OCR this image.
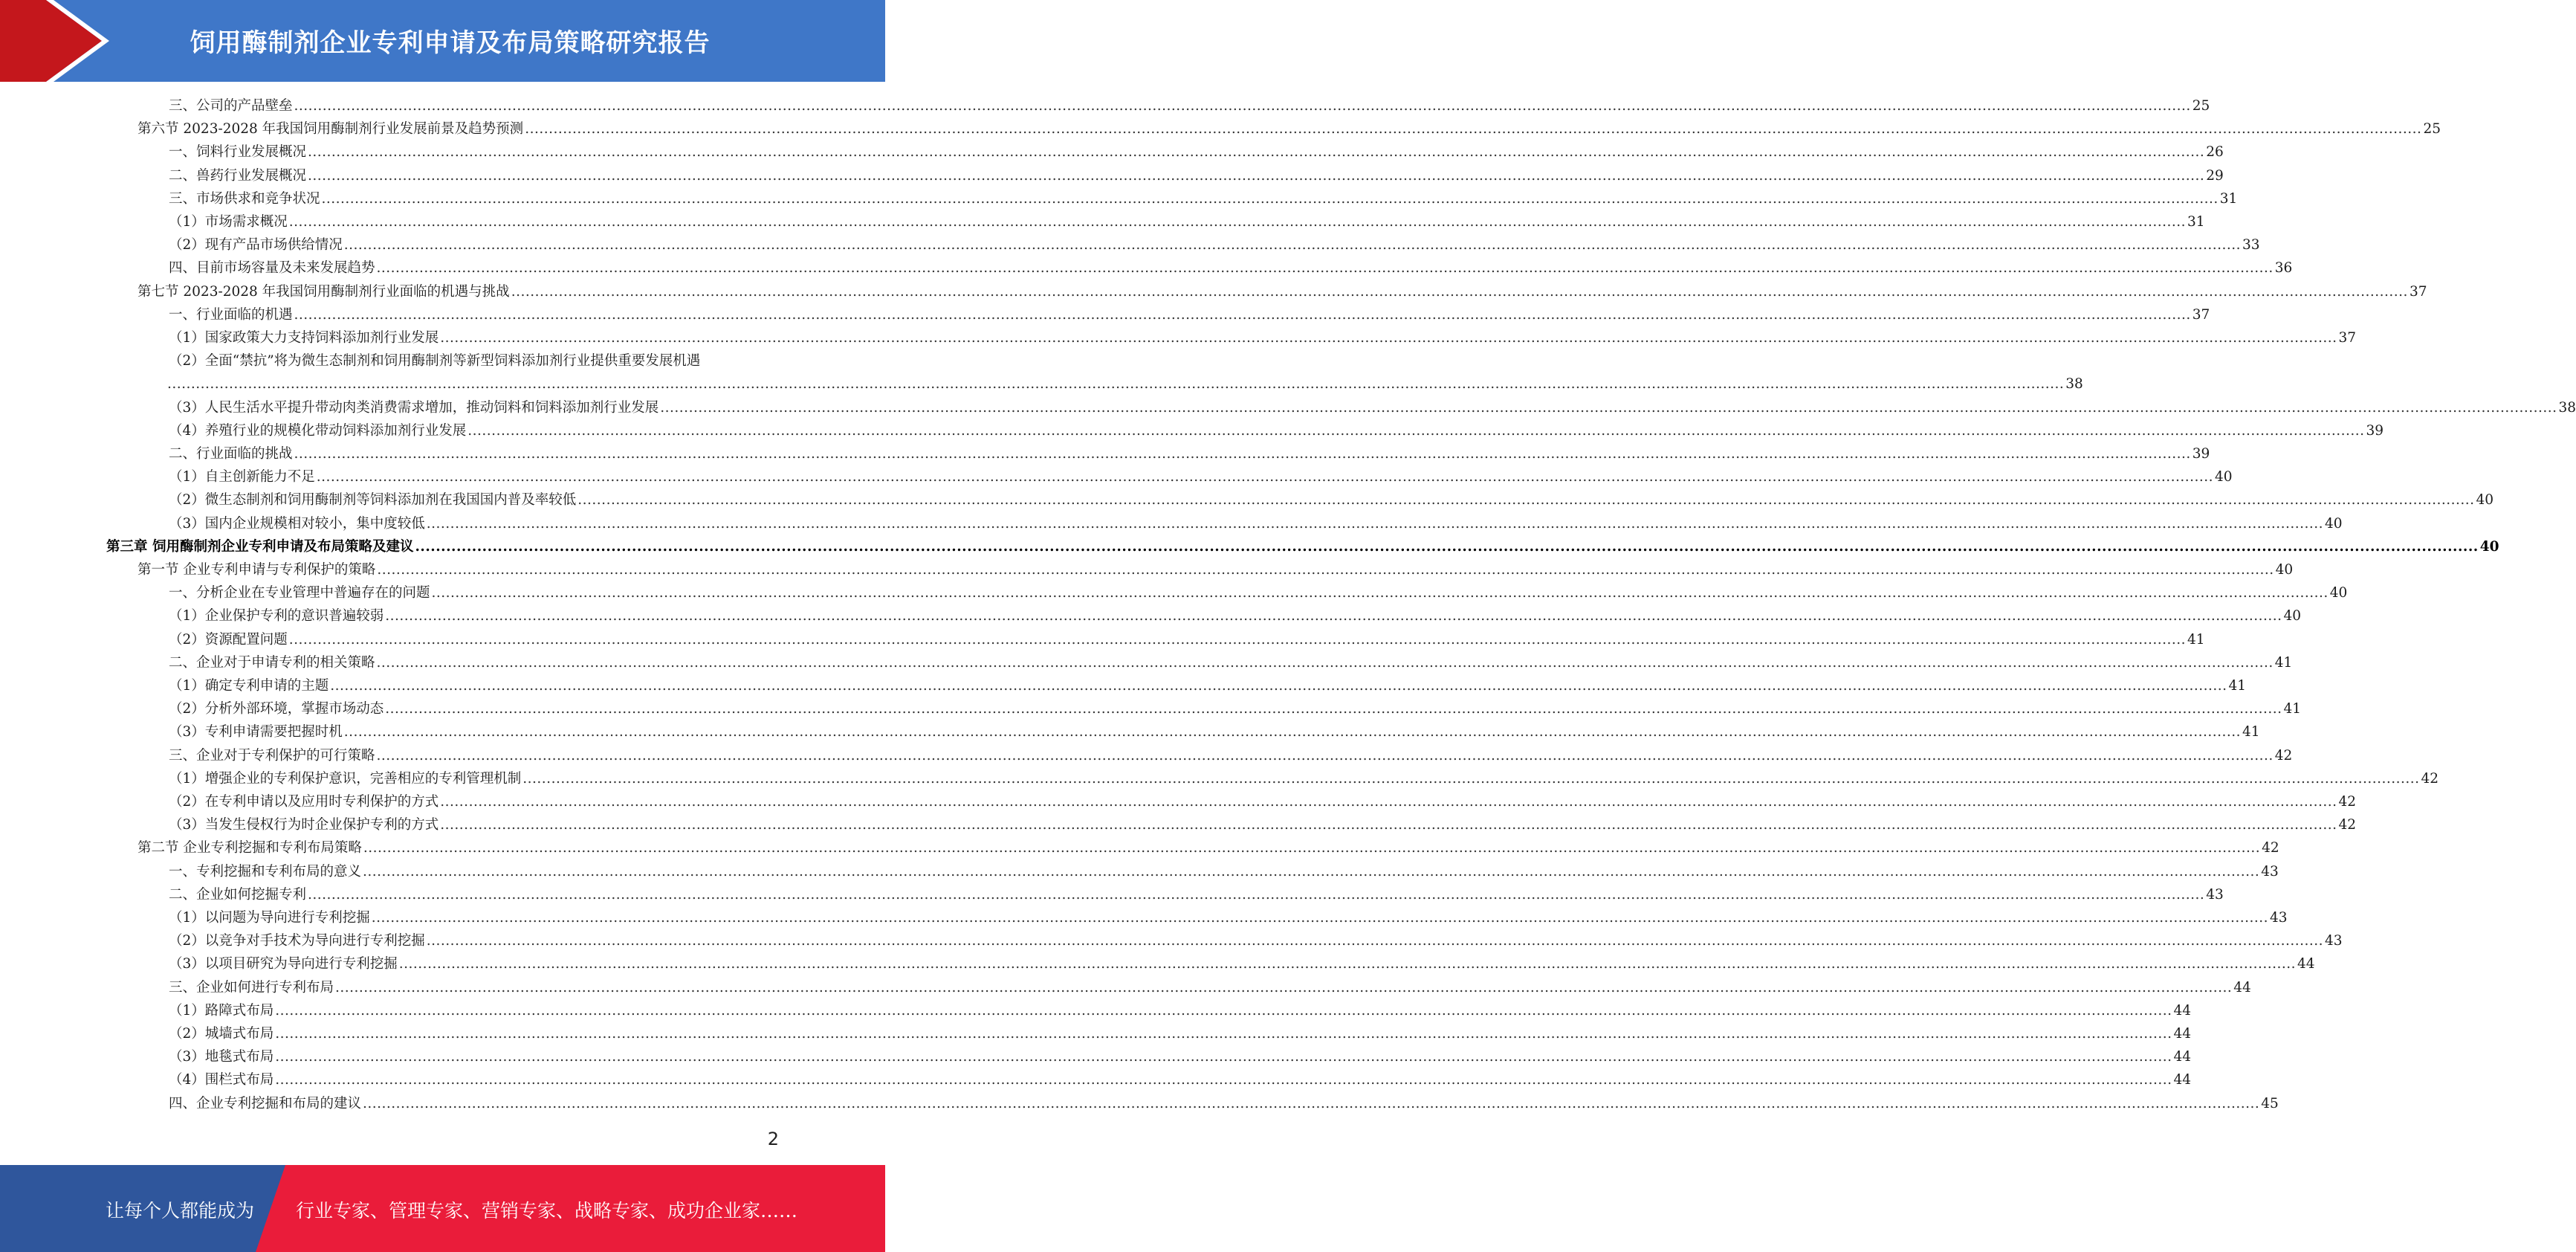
饲用酶制剂企业专利申请及布局策略研究报告
三、公司的产品壁垒 ................................................................................................................................................................................................................................................................................................................................................................................................................ 25
第六节 2023-2028 年我国饲用酶制剂行业发展前景及趋势预测 ................................................................................................................................................................................................................................................................................................................................................................................................................ 25
一、饲料行业发展概况 ................................................................................................................................................................................................................................................................................................................................................................................................................ 26
二、兽药行业发展概况 ................................................................................................................................................................................................................................................................................................................................................................................................................ 29
三、市场供求和竞争状况 ................................................................................................................................................................................................................................................................................................................................................................................................................ 31
（1）市场需求概况 ................................................................................................................................................................................................................................................................................................................................................................................................................ 31
（2）现有产品市场供给情况 ................................................................................................................................................................................................................................................................................................................................................................................................................ 33
四、目前市场容量及未来发展趋势 ................................................................................................................................................................................................................................................................................................................................................................................................................ 36
第七节 2023-2028 年我国饲用酶制剂行业面临的机遇与挑战 ................................................................................................................................................................................................................................................................................................................................................................................................................ 37
一、行业面临的机遇 ................................................................................................................................................................................................................................................................................................................................................................................................................ 37
（1）国家政策大力支持饲料添加剂行业发展 ................................................................................................................................................................................................................................................................................................................................................................................................................ 37
（2）全面“禁抗”将为微生态制剂和饲用酶制剂等新型饲料添加剂行业提供重要发展机遇
................................................................................................................................................................................................................................................................................................................................................................................................................ 38
（3）人民生活水平提升带动肉类消费需求增加，推动饲料和饲料添加剂行业发展 ................................................................................................................................................................................................................................................................................................................................................................................................................ 38
（4）养殖行业的规模化带动饲料添加剂行业发展 ................................................................................................................................................................................................................................................................................................................................................................................................................ 39
二、行业面临的挑战 ................................................................................................................................................................................................................................................................................................................................................................................................................ 39
（1）自主创新能力不足 ................................................................................................................................................................................................................................................................................................................................................................................................................ 40
（2）微生态制剂和饲用酶制剂等饲料添加剂在我国国内普及率较低 ................................................................................................................................................................................................................................................................................................................................................................................................................ 40
（3）国内企业规模相对较小，集中度较低 ................................................................................................................................................................................................................................................................................................................................................................................................................ 40
第三章 饲用酶制剂企业专利申请及布局策略及建议 ................................................................................................................................................................................................................................................................................................................................................................................................................ 40
第一节 企业专利申请与专利保护的策略 ................................................................................................................................................................................................................................................................................................................................................................................................................ 40
一、分析企业在专业管理中普遍存在的问题 ................................................................................................................................................................................................................................................................................................................................................................................................................ 40
（1）企业保护专利的意识普遍较弱 ................................................................................................................................................................................................................................................................................................................................................................................................................ 40
（2）资源配置问题 ................................................................................................................................................................................................................................................................................................................................................................................................................ 41
二、企业对于申请专利的相关策略 ................................................................................................................................................................................................................................................................................................................................................................................................................ 41
（1）确定专利申请的主题 ................................................................................................................................................................................................................................................................................................................................................................................................................ 41
（2）分析外部环境，掌握市场动态 ................................................................................................................................................................................................................................................................................................................................................................................................................ 41
（3）专利申请需要把握时机 ................................................................................................................................................................................................................................................................................................................................................................................................................ 41
三、企业对于专利保护的可行策略 ................................................................................................................................................................................................................................................................................................................................................................................................................ 42
（1）增强企业的专利保护意识，完善相应的专利管理机制 ................................................................................................................................................................................................................................................................................................................................................................................................................ 42
（2）在专利申请以及应用时专利保护的方式 ................................................................................................................................................................................................................................................................................................................................................................................................................ 42
（3）当发生侵权行为时企业保护专利的方式 ................................................................................................................................................................................................................................................................................................................................................................................................................ 42
第二节 企业专利挖掘和专利布局策略 ................................................................................................................................................................................................................................................................................................................................................................................................................ 42
一、专利挖掘和专利布局的意义 ................................................................................................................................................................................................................................................................................................................................................................................................................ 43
二、企业如何挖掘专利 ................................................................................................................................................................................................................................................................................................................................................................................................................ 43
（1）以问题为导向进行专利挖掘 ................................................................................................................................................................................................................................................................................................................................................................................................................ 43
（2）以竞争对手技术为导向进行专利挖掘 ................................................................................................................................................................................................................................................................................................................................................................................................................ 43
（3）以项目研究为导向进行专利挖掘 ................................................................................................................................................................................................................................................................................................................................................................................................................ 44
三、企业如何进行专利布局 ................................................................................................................................................................................................................................................................................................................................................................................................................ 44
（1）路障式布局 ................................................................................................................................................................................................................................................................................................................................................................................................................ 44
（2）城墙式布局 ................................................................................................................................................................................................................................................................................................................................................................................................................ 44
（3）地毯式布局 ................................................................................................................................................................................................................................................................................................................................................................................................................ 44
（4）围栏式布局 ................................................................................................................................................................................................................................................................................................................................................................................................................ 44
四、企业专利挖掘和布局的建议 ................................................................................................................................................................................................................................................................................................................................................................................................................ 45
2
让每个人都能成为 行业专家、管理专家、营销专家、战略专家、成功企业家……
